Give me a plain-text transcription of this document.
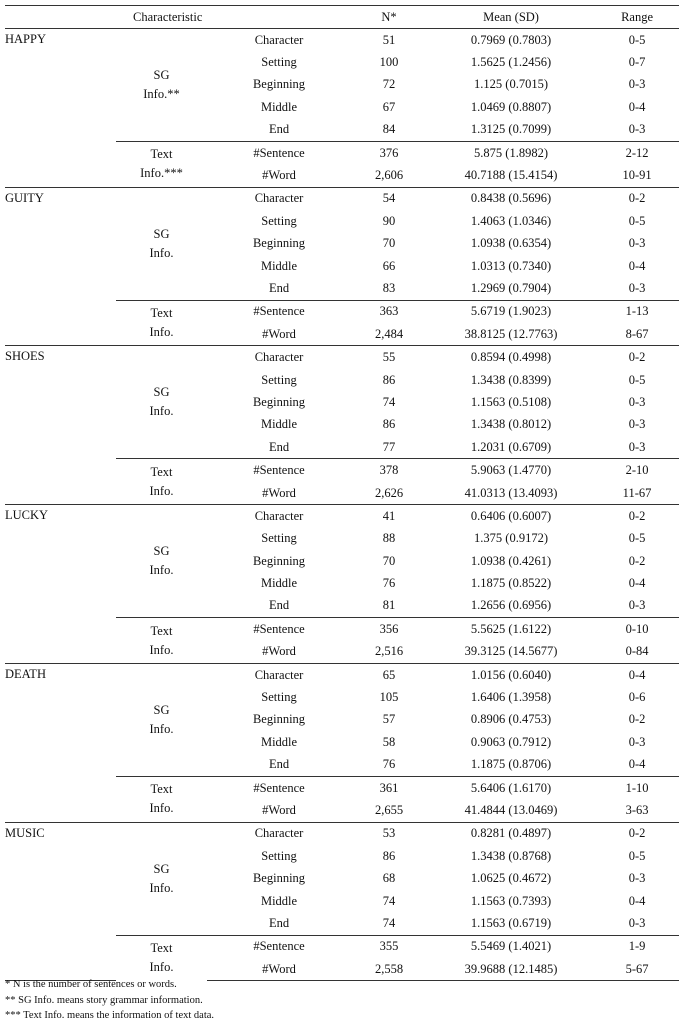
Characteristic			N*	Mean (SD)	Range
HAPPY	SG
Info.**	Character	51	0.7969 (0.7803)	0-5
		Setting	100	1.5625 (1.2456)	0-7
		Beginning	72	1.125 (0.7015)	0-3
		Middle	67	1.0469 (0.8807)	0-4
		End	84	1.3125 (0.7099)	0-3

	Text
Info.***	#Sentence	376	5.875 (1.8982)	2-12
		#Word	2,606	40.7188 (15.4154)	10-91
GUITY	SG
Info.	Character	54	0.8438 (0.5696)	0-2
		Setting	90	1.4063 (1.0346)	0-5
		Beginning	70	1.0938 (0.6354)	0-3
		Middle	66	1.0313 (0.7340)	0-4
		End	83	1.2969 (0.7904)	0-3

	Text
Info.	#Sentence	363	5.6719 (1.9023)	1-13
		#Word	2,484	38.8125 (12.7763)	8-67
SHOES	SG
Info.	Character	55	0.8594 (0.4998)	0-2
		Setting	86	1.3438 (0.8399)	0-5
		Beginning	74	1.1563 (0.5108)	0-3
		Middle	86	1.3438 (0.8012)	0-3
		End	77	1.2031 (0.6709)	0-3

	Text
Info.	#Sentence	378	5.9063 (1.4770)	2-10
		#Word	2,626	41.0313 (13.4093)	11-67
LUCKY	SG
Info.	Character	41	0.6406 (0.6007)	0-2
		Setting	88	1.375 (0.9172)	0-5
		Beginning	70	1.0938 (0.4261)	0-2
		Middle	76	1.1875 (0.8522)	0-4
		End	81	1.2656 (0.6956)	0-3

	Text
Info.	#Sentence	356	5.5625 (1.6122)	0-10
		#Word	2,516	39.3125 (14.5677)	0-84
DEATH	SG
Info.	Character	65	1.0156 (0.6040)	0-4
		Setting	105	1.6406 (1.3958)	0-6
		Beginning	57	0.8906 (0.4753)	0-2
		Middle	58	0.9063 (0.7912)	0-3
		End	76	1.1875 (0.8706)	0-4

	Text
Info.	#Sentence	361	5.6406 (1.6170)	1-10
		#Word	2,655	41.4844 (13.0469)	3-63
MUSIC	SG
Info.	Character	53	0.8281 (0.4897)	0-2
		Setting	86	1.3438 (0.8768)	0-5
		Beginning	68	1.0625 (0.4672)	0-3
		Middle	74	1.1563 (0.7393)	0-4
		End	74	1.1563 (0.6719)	0-3

	Text
Info.	#Sentence	355	5.5469 (1.4021)	1-9
		#Word	2,558	39.9688 (12.1485)	5-67
* N is the number of sentences or words.
** SG Info. means story grammar information.
*** Text Info. means the information of text data.
